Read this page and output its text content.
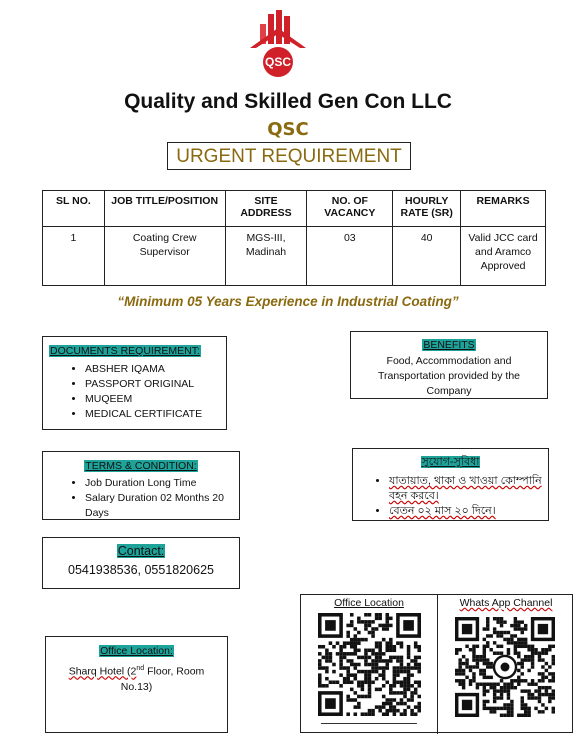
QSC
Quality and Skilled Gen Con LLC
QSC
URGENT REQUIREMENT
SL NO.	JOB TITLE/POSITION	SITE ADDRESS	NO. OF VACANCY	HOURLY RATE (SR)	REMARKS
1	Coating Crew Supervisor	MGS-III, Madinah	03	40	Valid JCC card and Aramco Approved
“Minimum 05 Years Experience in Industrial Coating”
DOCUMENTS REQUIREMENT:
• ABSHER IQAMA
• PASSPORT ORIGINAL
• MUQEEM
• MEDICAL CERTIFICATE
BENEFITS
Food, Accommodation and Transportation provided by the Company
TERMS & CONDITION:
• Job Duration Long Time
• Salary Duration 02 Months 20 Days
সুযোগ-সুবিধা
• যাতায়াত, থাকা ও খাওয়া কোম্পানি বহন করবে।
• বেতন ০২ মাস ২০ দিনে।
Contact:
0541938536, 0551820625
Office Location:
Sharq Hotel (2nd Floor, Room
No.13)
Office Location	Whats App Channel
